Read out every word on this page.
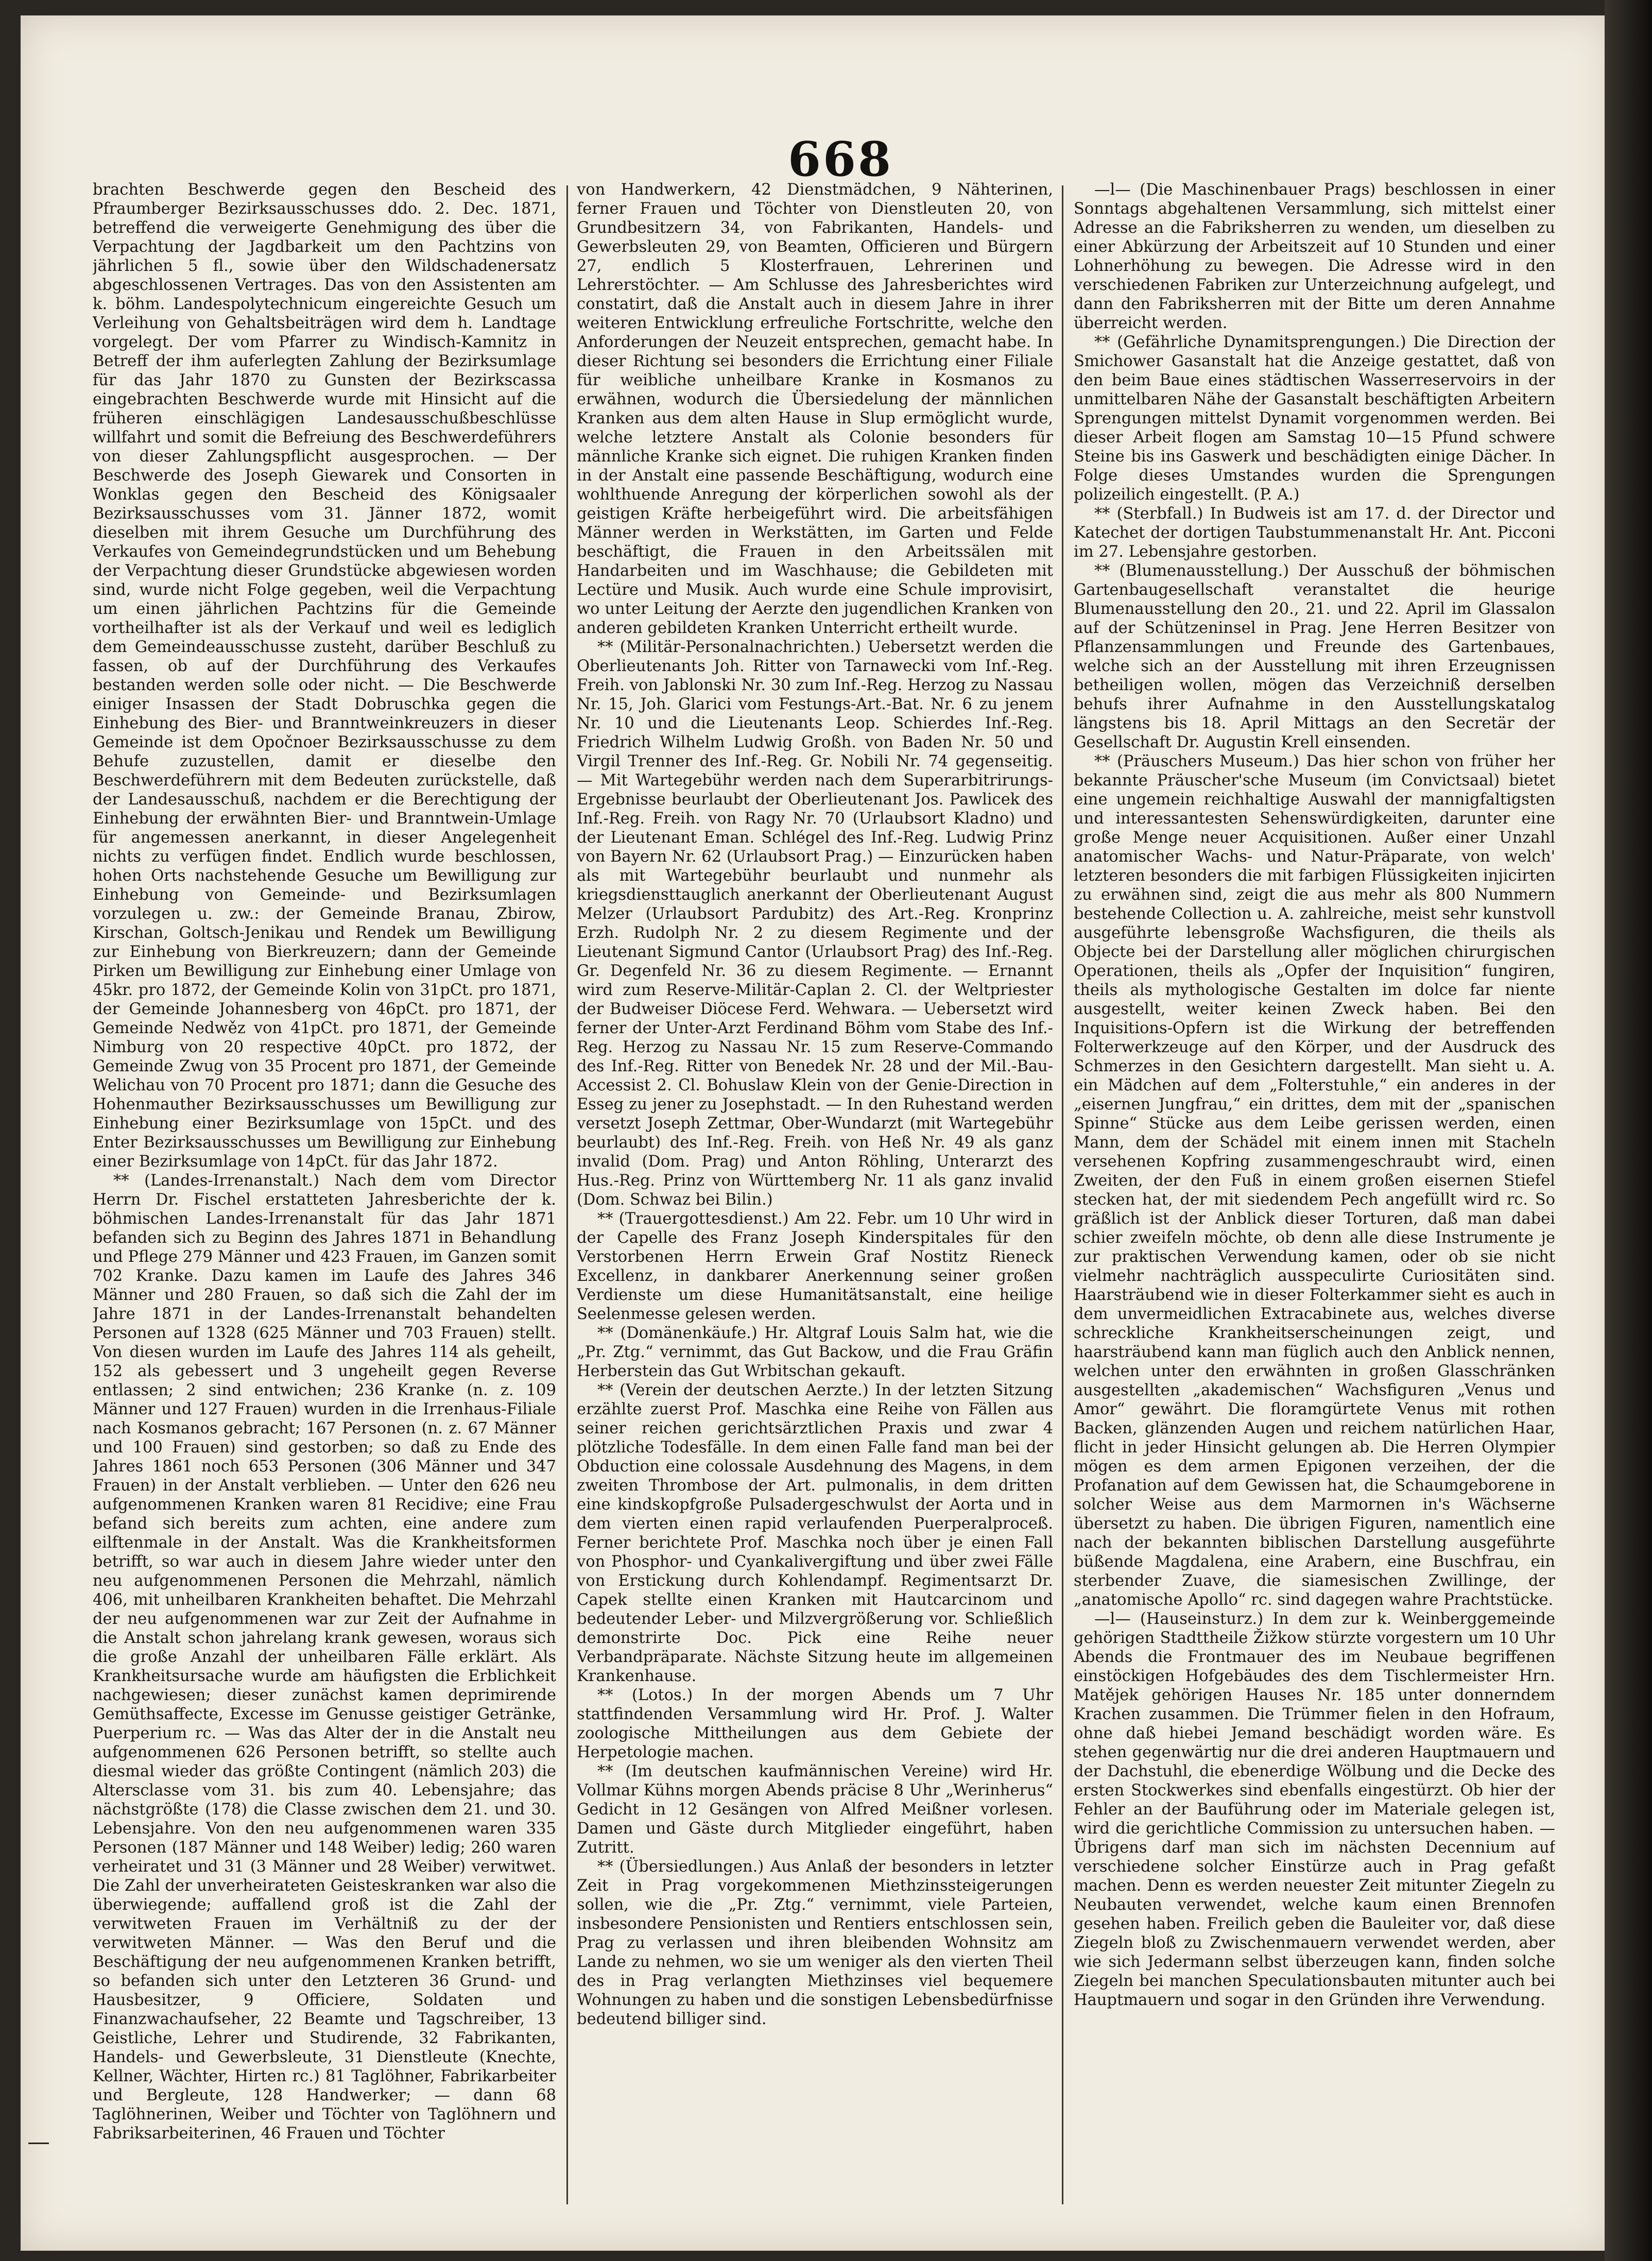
668

brachten Beschwerde gegen den Bescheid des Pfraumberger Bezirksausschusses ddo. 2. Dec. 1871, betreffend die verweigerte Genehmigung des über die Verpachtung der Jagdbarkeit um den Pachtzins von jährlichen 5 fl., sowie über den Wildschadenersatz abgeschlossenen Vertrages. Das von den Assistenten am k. böhm. Landespolytechnicum eingereichte Gesuch um Verleihung von Gehaltsbeiträgen wird dem h. Landtage vorgelegt. Der vom Pfarrer zu Windisch-Kamnitz in Betreff der ihm auferlegten Zahlung der Bezirksumlage für das Jahr 1870 zu Gunsten der Bezirkscassa eingebrachten Beschwerde wurde mit Hinsicht auf die früheren einschlägigen Landesausschußbeschlüsse willfahrt und somit die Befreiung des Beschwerdeführers von dieser Zahlungspflicht ausgesprochen. — Der Beschwerde des Joseph Giewarek und Consorten in Wonklas gegen den Bescheid des Königsaaler Bezirksausschusses vom 31. Jänner 1872, womit dieselben mit ihrem Gesuche um Durchführung des Verkaufes von Gemeindegrundstücken und um Behebung der Verpachtung dieser Grundstücke abgewiesen worden sind, wurde nicht Folge gegeben, weil die Verpachtung um einen jährlichen Pachtzins für die Gemeinde vortheilhafter ist als der Verkauf und weil es lediglich dem Gemeindeausschusse zusteht, darüber Beschluß zu fassen, ob auf der Durchführung des Verkaufes bestanden werden solle oder nicht. — Die Beschwerde einiger Insassen der Stadt Dobruschka gegen die Einhebung des Bier- und Branntweinkreuzers in dieser Gemeinde ist dem Opočnoer Bezirksausschusse zu dem Behufe zuzustellen, damit er dieselbe den Beschwerdeführern mit dem Bedeuten zurückstelle, daß der Landesausschuß, nachdem er die Berechtigung der Einhebung der erwähnten Bier- und Branntwein-Umlage für angemessen anerkannt, in dieser Angelegenheit nichts zu verfügen findet. Endlich wurde beschlossen, hohen Orts nachstehende Gesuche um Bewilligung zur Einhebung von Gemeinde- und Bezirksumlagen vorzulegen u. zw.: der Gemeinde Branau, Zbirow, Kirschan, Goltsch-Jenikau und Rendek um Bewilligung zur Einhebung von Bierkreuzern; dann der Gemeinde Pirken um Bewilligung zur Einhebung einer Umlage von 45kr. pro 1872, der Gemeinde Kolin von 31pCt. pro 1871, der Gemeinde Johannesberg von 46pCt. pro 1871, der Gemeinde Nedwěz von 41pCt. pro 1871, der Gemeinde Nimburg von 20 respective 40pCt. pro 1872, der Gemeinde Zwug von 35 Procent pro 1871, der Gemeinde Welichau von 70 Procent pro 1871; dann die Gesuche des Hohenmauther Bezirksausschusses um Bewilligung zur Einhebung einer Bezirksumlage von 15pCt. und des Enter Bezirksausschusses um Bewilligung zur Einhebung einer Bezirksumlage von 14pCt. für das Jahr 1872.

** (Landes-Irrenanstalt.) Nach dem vom Director Herrn Dr. Fischel erstatteten Jahresberichte der k. böhmischen Landes-Irrenanstalt für das Jahr 1871 befanden sich zu Beginn des Jahres 1871 in Behandlung und Pflege 279 Männer und 423 Frauen, im Ganzen somit 702 Kranke. Dazu kamen im Laufe des Jahres 346 Männer und 280 Frauen, so daß sich die Zahl der im Jahre 1871 in der Landes-Irrenanstalt behandelten Personen auf 1328 (625 Männer und 703 Frauen) stellt. Von diesen wurden im Laufe des Jahres 114 als geheilt, 152 als gebessert und 3 ungeheilt gegen Reverse entlassen; 2 sind entwichen; 236 Kranke (n. z. 109 Männer und 127 Frauen) wurden in die Irrenhaus-Filiale nach Kosmanos gebracht; 167 Personen (n. z. 67 Männer und 100 Frauen) sind gestorben; so daß zu Ende des Jahres 1861 noch 653 Personen (306 Männer und 347 Frauen) in der Anstalt verblieben. — Unter den 626 neu aufgenommenen Kranken waren 81 Recidive; eine Frau befand sich bereits zum achten, eine andere zum eilftenmale in der Anstalt. Was die Krankheitsformen betrifft, so war auch in diesem Jahre wieder unter den neu aufgenommenen Personen die Mehrzahl, nämlich 406, mit unheilbaren Krankheiten behaftet. Die Mehrzahl der neu aufgenommenen war zur Zeit der Aufnahme in die Anstalt schon jahrelang krank gewesen, woraus sich die große Anzahl der unheilbaren Fälle erklärt. Als Krankheitsursache wurde am häufigsten die Erblichkeit nachgewiesen; dieser zunächst kamen deprimirende Gemüthsaffecte, Excesse im Genusse geistiger Getränke, Puerperium rc. — Was das Alter der in die Anstalt neu aufgenommenen 626 Personen betrifft, so stellte auch diesmal wieder das größte Contingent (nämlich 203) die Altersclasse vom 31. bis zum 40. Lebensjahre; das nächstgrößte (178) die Classe zwischen dem 21. und 30. Lebensjahre. Von den neu aufgenommenen waren 335 Personen (187 Männer und 148 Weiber) ledig; 260 waren verheiratet und 31 (3 Männer und 28 Weiber) verwitwet. Die Zahl der unverheirateten Geisteskranken war also die überwiegende; auffallend groß ist die Zahl der verwitweten Frauen im Verhältniß zu der der verwitweten Männer. — Was den Beruf und die Beschäftigung der neu aufgenommenen Kranken betrifft, so befanden sich unter den Letzteren 36 Grund- und Hausbesitzer, 9 Officiere, Soldaten und Finanzwachaufseher, 22 Beamte und Tagschreiber, 13 Geistliche, Lehrer und Studirende, 32 Fabrikanten, Handels- und Gewerbsleute, 31 Dienstleute (Knechte, Kellner, Wächter, Hirten rc.) 81 Taglöhner, Fabrikarbeiter und Bergleute, 128 Handwerker; — dann 68 Taglöhnerinen, Weiber und Töchter von Taglöhnern und Fabriksarbeiterinen, 46 Frauen und Töchter

von Handwerkern, 42 Dienstmädchen, 9 Nähterinen, ferner Frauen und Töchter von Dienstleuten 20, von Grundbesitzern 34, von Fabrikanten, Handels- und Gewerbsleuten 29, von Beamten, Officieren und Bürgern 27, endlich 5 Klosterfrauen, Lehrerinen und Lehrerstöchter. — Am Schlusse des Jahresberichtes wird constatirt, daß die Anstalt auch in diesem Jahre in ihrer weiteren Entwicklung erfreuliche Fortschritte, welche den Anforderungen der Neuzeit entsprechen, gemacht habe. In dieser Richtung sei besonders die Errichtung einer Filiale für weibliche unheilbare Kranke in Kosmanos zu erwähnen, wodurch die Übersiedelung der männlichen Kranken aus dem alten Hause in Slup ermöglicht wurde, welche letztere Anstalt als Colonie besonders für männliche Kranke sich eignet. Die ruhigen Kranken finden in der Anstalt eine passende Beschäftigung, wodurch eine wohlthuende Anregung der körperlichen sowohl als der geistigen Kräfte herbeigeführt wird. Die arbeitsfähigen Männer werden in Werkstätten, im Garten und Felde beschäftigt, die Frauen in den Arbeitssälen mit Handarbeiten und im Waschhause; die Gebildeten mit Lectüre und Musik. Auch wurde eine Schule improvisirt, wo unter Leitung der Aerzte den jugendlichen Kranken von anderen gebildeten Kranken Unterricht ertheilt wurde.

** (Militär-Personalnachrichten.) Uebersetzt werden die Oberlieutenants Joh. Ritter von Tarnawecki vom Inf.-Reg. Freih. von Jablonski Nr. 30 zum Inf.-Reg. Herzog zu Nassau Nr. 15, Joh. Glarici vom Festungs-Art.-Bat. Nr. 6 zu jenem Nr. 10 und die Lieutenants Leop. Schierdes Inf.-Reg. Friedrich Wilhelm Ludwig Großh. von Baden Nr. 50 und Virgil Trenner des Inf.-Reg. Gr. Nobili Nr. 74 gegenseitig. — Mit Wartegebühr werden nach dem Superarbitrirungs-Ergebnisse beurlaubt der Oberlieutenant Jos. Pawlicek des Inf.-Reg. Freih. von Ragy Nr. 70 (Urlaubsort Kladno) und der Lieutenant Eman. Schlégel des Inf.-Reg. Ludwig Prinz von Bayern Nr. 62 (Urlaubsort Prag.) — Einzurücken haben als mit Wartegebühr beurlaubt und nunmehr als kriegsdiensttauglich anerkannt der Oberlieutenant August Melzer (Urlaubsort Pardubitz) des Art.-Reg. Kronprinz Erzh. Rudolph Nr. 2 zu diesem Regimente und der Lieutenant Sigmund Cantor (Urlaubsort Prag) des Inf.-Reg. Gr. Degenfeld Nr. 36 zu diesem Regimente. — Ernannt wird zum Reserve-Militär-Caplan 2. Cl. der Weltpriester der Budweiser Diöcese Ferd. Wehwara. — Uebersetzt wird ferner der Unter-Arzt Ferdinand Böhm vom Stabe des Inf.-Reg. Herzog zu Nassau Nr. 15 zum Reserve-Commando des Inf.-Reg. Ritter von Benedek Nr. 28 und der Mil.-Bau-Accessist 2. Cl. Bohuslaw Klein von der Genie-Direction in Esseg zu jener zu Josephstadt. — In den Ruhestand werden versetzt Joseph Zettmar, Ober-Wundarzt (mit Wartegebühr beurlaubt) des Inf.-Reg. Freih. von Heß Nr. 49 als ganz invalid (Dom. Prag) und Anton Röhling, Unterarzt des Hus.-Reg. Prinz von Württemberg Nr. 11 als ganz invalid (Dom. Schwaz bei Bilin.)

** (Trauergottesdienst.) Am 22. Febr. um 10 Uhr wird in der Capelle des Franz Joseph Kinderspitales für den Verstorbenen Herrn Erwein Graf Nostitz Rieneck Excellenz, in dankbarer Anerkennung seiner großen Verdienste um diese Humanitätsanstalt, eine heilige Seelenmesse gelesen werden.

** (Domänenkäufe.) Hr. Altgraf Louis Salm hat, wie die „Pr. Ztg.“ vernimmt, das Gut Backow, und die Frau Gräfin Herberstein das Gut Wrbitschan gekauft.

** (Verein der deutschen Aerzte.) In der letzten Sitzung erzählte zuerst Prof. Maschka eine Reihe von Fällen aus seiner reichen gerichtsärztlichen Praxis und zwar 4 plötzliche Todesfälle. In dem einen Falle fand man bei der Obduction eine colossale Ausdehnung des Magens, in dem zweiten Thrombose der Art. pulmonalis, in dem dritten eine kindskopfgroße Pulsadergeschwulst der Aorta und in dem vierten einen rapid verlaufenden Puerperalproceß. Ferner berichtete Prof. Maschka noch über je einen Fall von Phosphor- und Cyankalivergiftung und über zwei Fälle von Erstickung durch Kohlendampf. Regimentsarzt Dr. Capek stellte einen Kranken mit Hautcarcinom und bedeutender Leber- und Milzvergrößerung vor. Schließlich demonstrirte Doc. Pick eine Reihe neuer Verbandpräparate. Nächste Sitzung heute im allgemeinen Krankenhause.

** (Lotos.) In der morgen Abends um 7 Uhr stattfindenden Versammlung wird Hr. Prof. J. Walter zoologische Mittheilungen aus dem Gebiete der Herpetologie machen.

** (Im deutschen kaufmännischen Vereine) wird Hr. Vollmar Kühns morgen Abends präcise 8 Uhr „Werinherus“ Gedicht in 12 Gesängen von Alfred Meißner vorlesen. Damen und Gäste durch Mitglieder eingeführt, haben Zutritt.

** (Übersiedlungen.) Aus Anlaß der besonders in letzter Zeit in Prag vorgekommenen Miethzinssteigerungen sollen, wie die „Pr. Ztg.“ vernimmt, viele Parteien, insbesondere Pensionisten und Rentiers entschlossen sein, Prag zu verlassen und ihren bleibenden Wohnsitz am Lande zu nehmen, wo sie um weniger als den vierten Theil des in Prag verlangten Miethzinses viel bequemere Wohnungen zu haben und die sonstigen Lebensbedürfnisse bedeutend billiger sind.

—l— (Die Maschinenbauer Prags) beschlossen in einer Sonntags abgehaltenen Versammlung, sich mittelst einer Adresse an die Fabriksherren zu wenden, um dieselben zu einer Abkürzung der Arbeitszeit auf 10 Stunden und einer Lohnerhöhung zu bewegen. Die Adresse wird in den verschiedenen Fabriken zur Unterzeichnung aufgelegt, und dann den Fabriksherren mit der Bitte um deren Annahme überreicht werden.

** (Gefährliche Dynamitsprengungen.) Die Direction der Smichower Gasanstalt hat die Anzeige gestattet, daß von den beim Baue eines städtischen Wasserreservoirs in der unmittelbaren Nähe der Gasanstalt beschäftigten Arbeitern Sprengungen mittelst Dynamit vorgenommen werden. Bei dieser Arbeit flogen am Samstag 10—15 Pfund schwere Steine bis ins Gaswerk und beschädigten einige Dächer. In Folge dieses Umstandes wurden die Sprengungen polizeilich eingestellt. (P. A.)

** (Sterbfall.) In Budweis ist am 17. d. der Director und Katechet der dortigen Taubstummenanstalt Hr. Ant. Picconi im 27. Lebensjahre gestorben.

** (Blumenausstellung.) Der Ausschuß der böhmischen Gartenbaugesellschaft veranstaltet die heurige Blumenausstellung den 20., 21. und 22. April im Glassalon auf der Schützeninsel in Prag. Jene Herren Besitzer von Pflanzensammlungen und Freunde des Gartenbaues, welche sich an der Ausstellung mit ihren Erzeugnissen betheiligen wollen, mögen das Verzeichniß derselben behufs ihrer Aufnahme in den Ausstellungskatalog längstens bis 18. April Mittags an den Secretär der Gesellschaft Dr. Augustin Krell einsenden.

** (Präuschers Museum.) Das hier schon von früher her bekannte Präuscher'sche Museum (im Convictsaal) bietet eine ungemein reichhaltige Auswahl der mannigfaltigsten und interessantesten Sehenswürdigkeiten, darunter eine große Menge neuer Acquisitionen. Außer einer Unzahl anatomischer Wachs- und Natur-Präparate, von welch' letzteren besonders die mit farbigen Flüssigkeiten injicirten zu erwähnen sind, zeigt die aus mehr als 800 Nummern bestehende Collection u. A. zahlreiche, meist sehr kunstvoll ausgeführte lebensgroße Wachsfiguren, die theils als Objecte bei der Darstellung aller möglichen chirurgischen Operationen, theils als „Opfer der Inquisition“ fungiren, theils als mythologische Gestalten im dolce far niente ausgestellt, weiter keinen Zweck haben. Bei den Inquisitions-Opfern ist die Wirkung der betreffenden Folterwerkzeuge auf den Körper, und der Ausdruck des Schmerzes in den Gesichtern dargestellt. Man sieht u. A. ein Mädchen auf dem „Folterstuhle,“ ein anderes in der „eisernen Jungfrau,“ ein drittes, dem mit der „spanischen Spinne“ Stücke aus dem Leibe gerissen werden, einen Mann, dem der Schädel mit einem innen mit Stacheln versehenen Kopfring zusammengeschraubt wird, einen Zweiten, der den Fuß in einem großen eisernen Stiefel stecken hat, der mit siedendem Pech angefüllt wird rc. So gräßlich ist der Anblick dieser Torturen, daß man dabei schier zweifeln möchte, ob denn alle diese Instrumente je zur praktischen Verwendung kamen, oder ob sie nicht vielmehr nachträglich ausspeculirte Curiositäten sind. Haarsträubend wie in dieser Folterkammer sieht es auch in dem unvermeidlichen Extracabinete aus, welches diverse schreckliche Krankheitserscheinungen zeigt, und haarsträubend kann man füglich auch den Anblick nennen, welchen unter den erwähnten in großen Glasschränken ausgestellten „akademischen“ Wachsfiguren „Venus und Amor“ gewährt. Die floramgürtete Venus mit rothen Backen, glänzenden Augen und reichem natürlichen Haar, flicht in jeder Hinsicht gelungen ab. Die Herren Olympier mögen es dem armen Epigonen verzeihen, der die Profanation auf dem Gewissen hat, die Schaumgeborene in solcher Weise aus dem Marmornen in's Wächserne übersetzt zu haben. Die übrigen Figuren, namentlich eine nach der bekannten biblischen Darstellung ausgeführte büßende Magdalena, eine Arabern, eine Buschfrau, ein sterbender Zuave, die siamesischen Zwillinge, der „anatomische Apollo“ rc. sind dagegen wahre Prachtstücke.

—l— (Hauseinsturz.) In dem zur k. Weinberggemeinde gehörigen Stadttheile Žižkow stürzte vorgestern um 10 Uhr Abends die Frontmauer des im Neubaue begriffenen einstöckigen Hofgebäudes des dem Tischlermeister Hrn. Matějek gehörigen Hauses Nr. 185 unter donnerndem Krachen zusammen. Die Trümmer fielen in den Hofraum, ohne daß hiebei Jemand beschädigt worden wäre. Es stehen gegenwärtig nur die drei anderen Hauptmauern und der Dachstuhl, die ebenerdige Wölbung und die Decke des ersten Stockwerkes sind ebenfalls eingestürzt. Ob hier der Fehler an der Bauführung oder im Materiale gelegen ist, wird die gerichtliche Commission zu untersuchen haben. — Übrigens darf man sich im nächsten Decennium auf verschiedene solcher Einstürze auch in Prag gefaßt machen. Denn es werden neuester Zeit mitunter Ziegeln zu Neubauten verwendet, welche kaum einen Brennofen gesehen haben. Freilich geben die Bauleiter vor, daß diese Ziegeln bloß zu Zwischenmauern verwendet werden, aber wie sich Jedermann selbst überzeugen kann, finden solche Ziegeln bei manchen Speculationsbauten mitunter auch bei Hauptmauern und sogar in den Gründen ihre Verwendung.
